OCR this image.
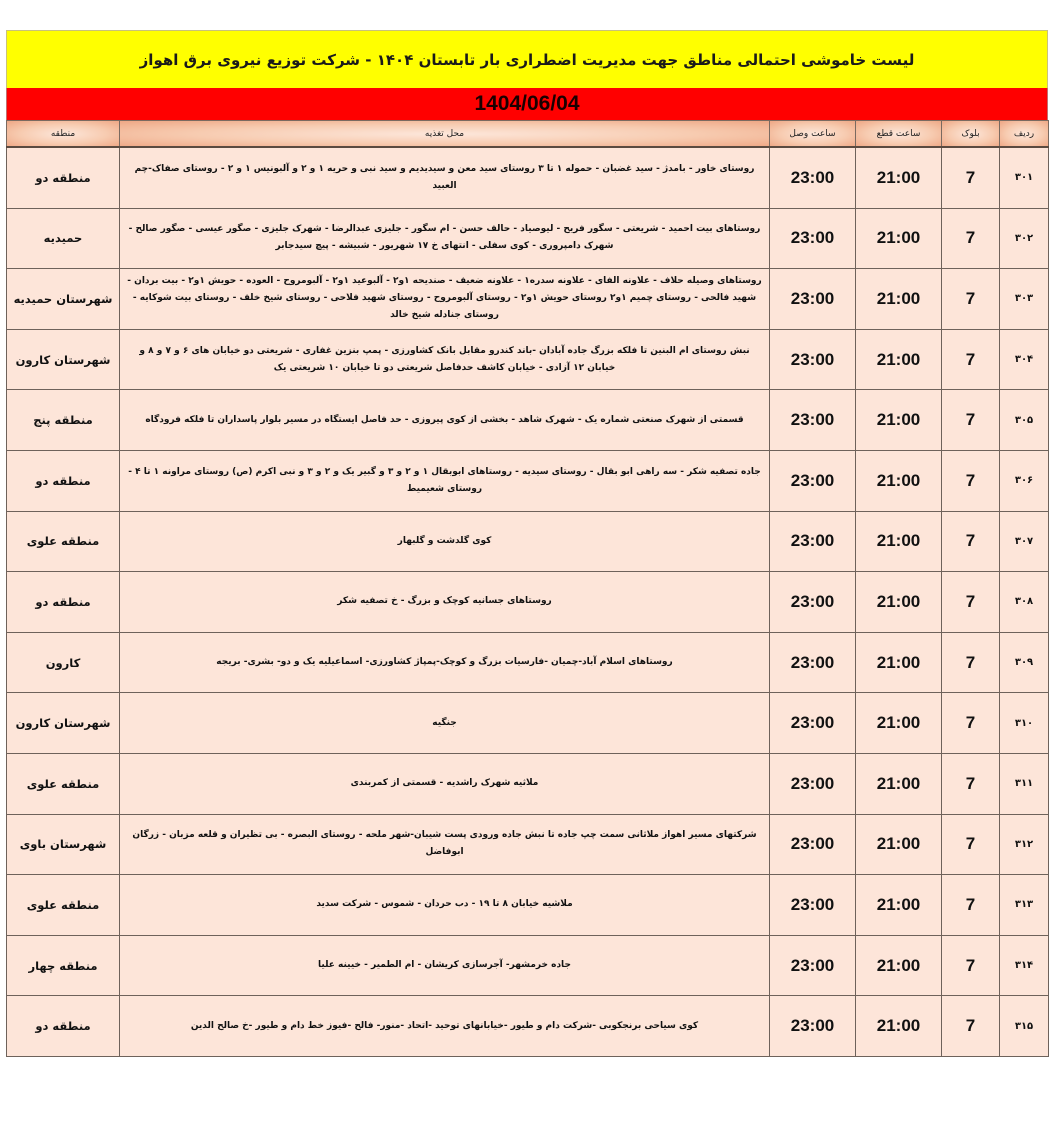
لیست خاموشی احتمالی مناطق جهت مدیریت اضطراری بار تابستان ۱۴۰۴ - شرکت توزیع نیروی برق اهواز
1404/06/04
ردیف	بلوک	ساعت قطع	ساعت وصل	محل تغذیه	منطقه
۳۰۱	7	21:00	23:00	روستای خاور - بامدژ - سید غضبان - حموله ۱ تا ۳ روستای سید معن و سیدیدیم و سید نبی و حریه ۱ و ۲ و آلبونیس ۱ و ۲ - روستای صفاک-چم العبید	منطقه دو
۳۰۲	7	21:00	23:00	روستاهای بیت احمید - شریعتی - سگور فریح - لیوصیاد - حالف حسن - ام سگور - جلیزی عبدالرضا - شهرک جلیزی - صگور عیسی - صگور صالح - شهرک دامپروری - کوی سفلی - انتهای خ ۱۷ شهریور - شبیشه - پیچ سیدجابر	حمیدیه
۳۰۳	7	21:00	23:00	روستاهای وصیله حلاف - علاونه الفای - علاونه سدره۱ - علاونه ضعیف - صندیحه ۱و۲ - آلبوعید ۱و۲ - آلبومروح - العوده - حویش ۱و۲ - بیت بردان - شهید فالحی - روستای چمیم ۱و۲ روستای حویش ۱و۲ - روستای آلبومروح - روستای شهید فلاحی - روستای شیخ خلف - روستای بیت شوکایه - روستای جنادله شیخ خالد	شهرستان حمیدیه
۳۰۴	7	21:00	23:00	نبش روستای ام البنین تا فلکه بزرگ جاده آبادان -باند کندرو مقابل بانک کشاورزی - پمپ بنزین غفاری - شریعتی دو خیابان های ۶ و ۷ و ۸ و خیابان ۱۲ آزادی - خیابان کاشف حدفاصل شریعتی دو تا خیابان ۱۰ شریعتی یک	شهرستان کارون
۳۰۵	7	21:00	23:00	قسمتی از شهرک صنعتی شماره یک - شهرک شاهد - بخشی از کوی پیروزی - حد فاصل ایستگاه در مسیر بلوار پاسداران تا فلکه فرودگاه	منطقه پنج
۳۰۶	7	21:00	23:00	جاده تصفیه شکر - سه راهی ابو بقال - روستای سیدیه - روستاهای ابوبقال ۱ و ۲ و ۳ و گبیر یک و ۲ و ۳ و نبی اکرم (ص) روستای مراونه ۱ تا ۴ - روستای شعیمیط	منطقه دو
۳۰۷	7	21:00	23:00	کوی گلدشت و گلبهار	منطقه علوی
۳۰۸	7	21:00	23:00	روستاهای جسانیه کوچک و بزرگ - خ تصفیه شکر	منطقه دو
۳۰۹	7	21:00	23:00	روستاهای اسلام آباد-چمیان -فارسیات بزرگ و کوچک-پمپاژ کشاورزی- اسماعیلیه یک و دو- بشری- بریجه	کارون
۳۱۰	7	21:00	23:00	جنگیه	شهرستان کارون
۳۱۱	7	21:00	23:00	ملاثیه شهرک راشدیه - قسمتی از کمربندی	منطقه علوی
۳۱۲	7	21:00	23:00	شرکتهای مسیر اهواز ملاثانی سمت چپ جاده تا نبش جاده ورودی پست شیبان-شهر ملحه - روستای البصره - بی تظیران و قلعه مزبان - زرگان ابوفاضل	شهرستان باوی
۳۱۳	7	21:00	23:00	ملاشیه خیابان ۸ تا ۱۹ - دب حردان - شموس - شرکت سدید	منطقه علوی
۳۱۴	7	21:00	23:00	جاده خرمشهر- آجرسازی کریشان - ام الطمیر - خیینه علیا	منطقه چهار
۳۱۵	7	21:00	23:00	کوی سیاحی برنجکوبی -شرکت دام و طیور -خیابانهای توحید -اتحاد -منور- فالح -فیوز خط دام و طیور -خ صالح الدین	منطقه دو
